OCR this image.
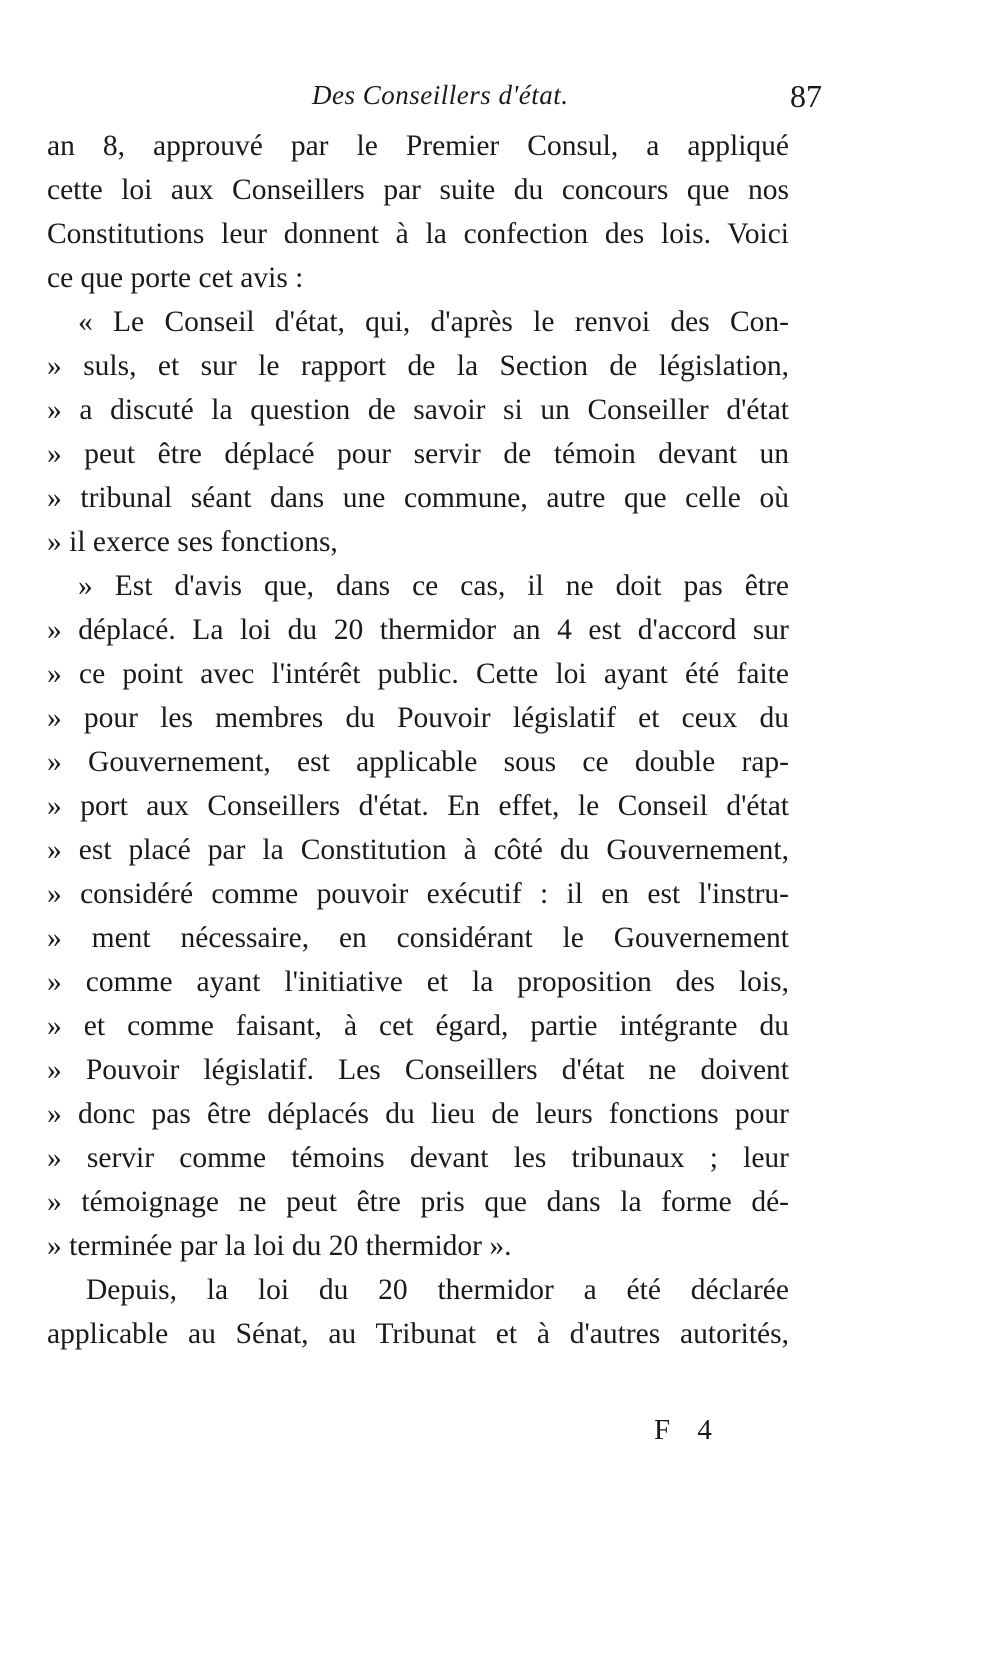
Des Conseillers d'état.	87
an 8, approuvé par le Premier Consul, a appliqué
cette loi aux Conseillers par suite du concours que nos
Constitutions leur donnent à la confection des lois. Voici
ce que porte cet avis :
« Le Conseil d'état, qui, d'après le renvoi des Con-
» suls, et sur le rapport de la Section de législation,
» a discuté la question de savoir si un Conseiller d'état
» peut être déplacé pour servir de témoin devant un
» tribunal séant dans une commune, autre que celle où
» il exerce ses fonctions,
» Est d'avis que, dans ce cas, il ne doit pas être
» déplacé. La loi du 20 thermidor an 4 est d'accord sur
» ce point avec l'intérêt public. Cette loi ayant été faite
» pour les membres du Pouvoir législatif et ceux du
» Gouvernement, est applicable sous ce double rap-
» port aux Conseillers d'état. En effet, le Conseil d'état
» est placé par la Constitution à côté du Gouvernement,
» considéré comme pouvoir exécutif : il en est l'instru-
» ment nécessaire, en considérant le Gouvernement
» comme ayant l'initiative et la proposition des lois,
» et comme faisant, à cet égard, partie intégrante du
» Pouvoir législatif. Les Conseillers d'état ne doivent
» donc pas être déplacés du lieu de leurs fonctions pour
» servir comme témoins devant les tribunaux ; leur
» témoignage ne peut être pris que dans la forme dé-
» terminée par la loi du 20 thermidor ».
Depuis, la loi du 20 thermidor a été déclarée
applicable au Sénat, au Tribunat et à d'autres autorités,
F 4
